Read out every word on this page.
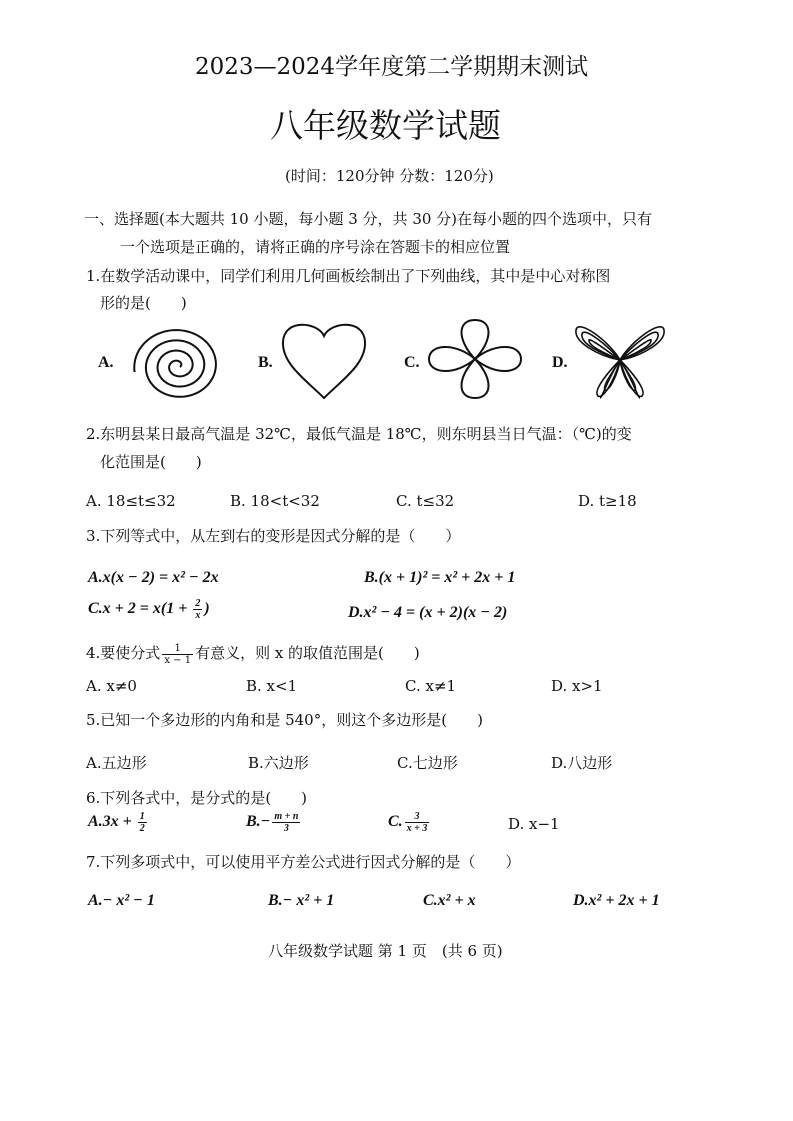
2023—2024学年度第二学期期末测试
八年级数学试题
(时间：120分钟 分数：120分)
一、选择题(本大题共 10 小题，每小题 3 分，共 30 分)在每小题的四个选项中，只有
一个选项是正确的，请将正确的序号涂在答题卡的相应位置
1.在数学活动课中，同学们利用几何画板绘制出了下列曲线，其中是中心对称图
形的是(　　)
A.	B.	C.	D.
2.东明县某日最高气温是 32℃，最低气温是 18℃，则东明县当日气温：（℃)的变
化范围是(　　)
A. 18≤t≤32	B. 18<t<32	C. t≤32	D. t≥18
3.下列等式中，从左到右的变形是因式分解的是（　　）
A.x(x − 2) = x² − 2x	B.(x + 1)² = x² + 2x + 1
$C.x + 2 = x(1 + \frac{2}{x}$ )	D.x² − 4 = (x + 2)(x − 2)
4.要使分式 $\frac{1}{x - 1}$ 有意义，则 x 的取值范围是(　　)
A. x≠0	B. x<1	C. x≠1	D. x>1
5.已知一个多边形的内角和是 540°，则这个多边形是(　　)
A.五边形	B.六边形	C.七边形	D.八边形
6.下列各式中，是分式的是(　　)
$A.3x + \frac{1}{2}$	$B.- \frac{m + n}{3}$	C. $\frac{3}{x + 3}$	D. x−1
7.下列多项式中，可以使用平方差公式进行因式分解的是（　　）
A.− x² − 1	B.− x² + 1	C.x² + x	D.x² + 2x + 1
八年级数学试题 第 1 页　(共 6 页)
